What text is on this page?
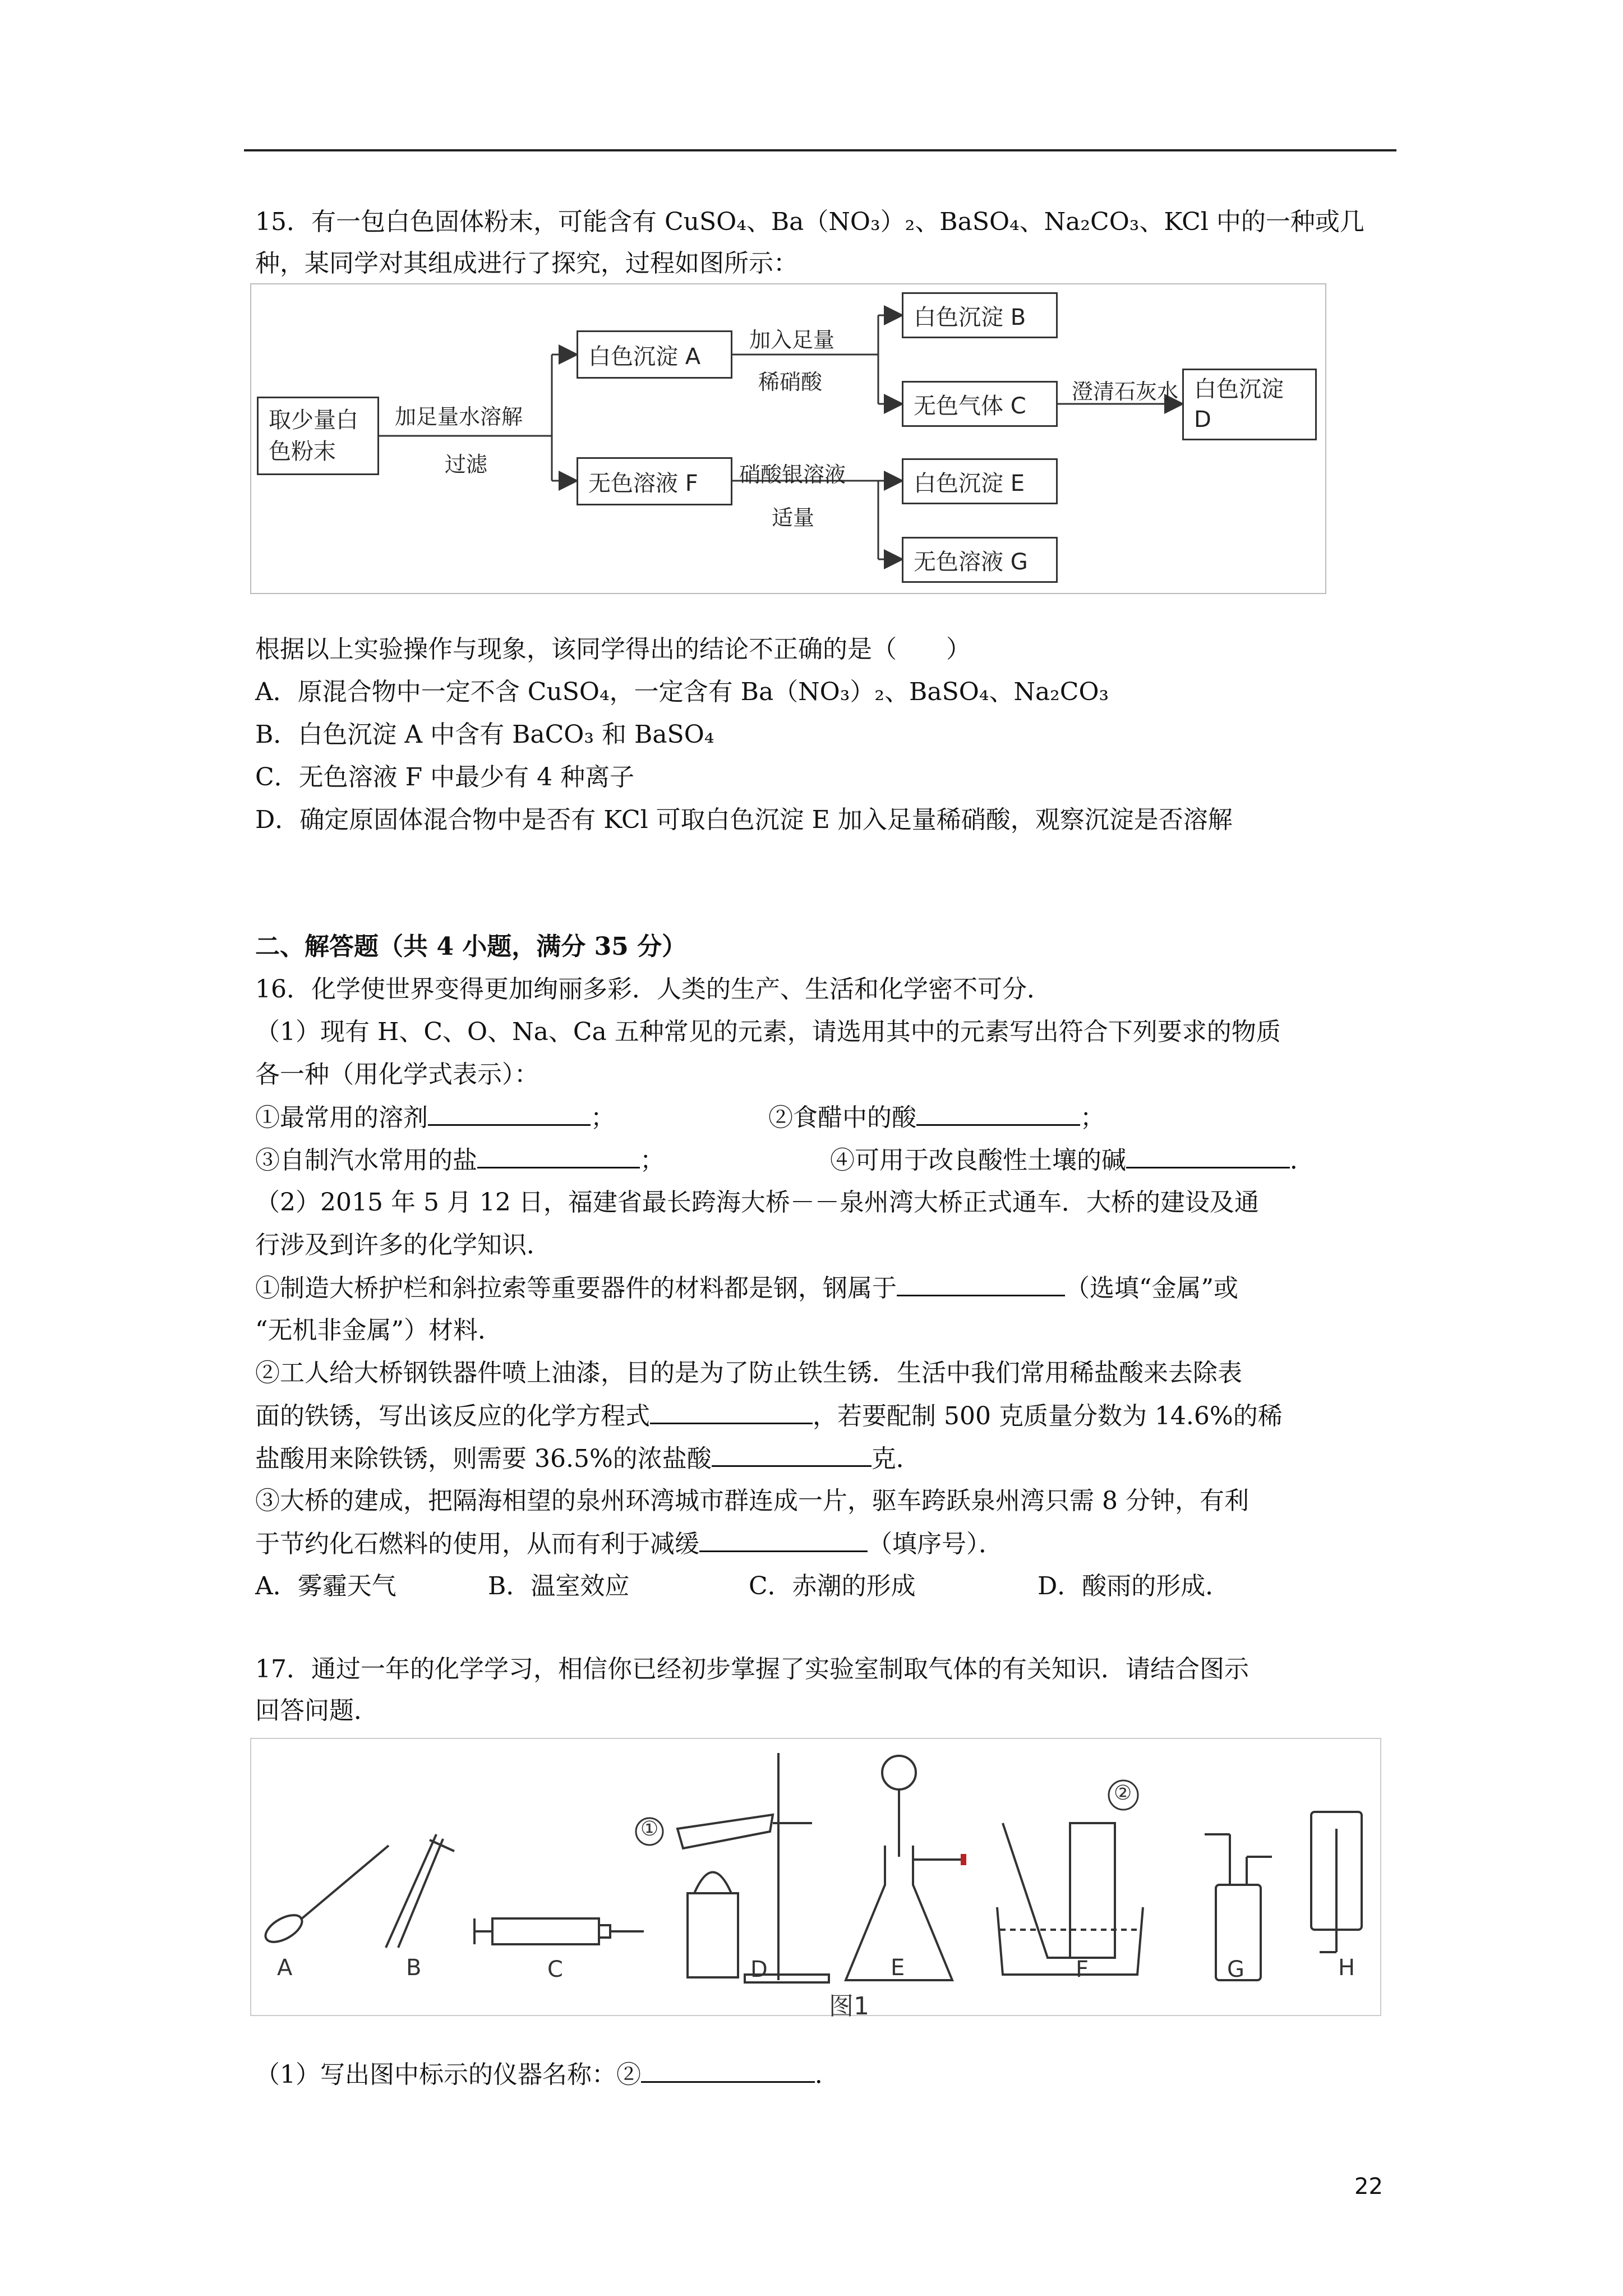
15．有一包白色固体粉末，可能含有 CuSO₄、Ba（NO₃）₂、BaSO₄、Na₂CO₃、KCl 中的一种或几
种，某同学对其组成进行了探究，过程如图所示：
取少量白
色粉末
加足量水溶解
过滤
白色沉淀 A
无色溶液 F
加入足量
稀硝酸
硝酸银溶液
适量
白色沉淀 B
无色气体 C
白色沉淀 E
无色溶液 G
澄清石灰水 白色沉淀
D
根据以上实验操作与现象，该同学得出的结论不正确的是（　　）
A．原混合物中一定不含 CuSO₄，一定含有 Ba（NO₃）₂、BaSO₄、Na₂CO₃
B．白色沉淀 A 中含有 BaCO₃ 和 BaSO₄
C．无色溶液 F 中最少有 4 种离子
D．确定原固体混合物中是否有 KCl 可取白色沉淀 E 加入足量稀硝酸，观察沉淀是否溶解
二、解答题（共 4 小题，满分 35 分）
16．化学使世界变得更加绚丽多彩．人类的生产、生活和化学密不可分．
（1）现有 H、C、O、Na、Ca 五种常见的元素，请选用其中的元素写出符合下列要求的物质
各一种（用化学式表示）：
①最常用的溶剂	；	②食醋中的酸	；
③自制汽水常用的盐	；	④可用于改良酸性土壤的碱	．
（2）2015 年 5 月 12 日，福建省最长跨海大桥－－泉州湾大桥正式通车．大桥的建设及通
行涉及到许多的化学知识．
①制造大桥护栏和斜拉索等重要器件的材料都是钢，钢属于	（选填“金属”或
“无机非金属”）材料．
②工人给大桥钢铁器件喷上油漆，目的是为了防止铁生锈．生活中我们常用稀盐酸来去除表
面的铁锈，写出该反应的化学方程式	，若要配制 500 克质量分数为 14.6%的稀
盐酸用来除铁锈，则需要 36.5%的浓盐酸	克．
③大桥的建成，把隔海相望的泉州环湾城市群连成一片，驱车跨跃泉州湾只需 8 分钟，有利
于节约化石燃料的使用，从而有利于减缓	（填序号）．
A．雾霾天气	B．温室效应	C．赤潮的形成	D．酸雨的形成．
17．通过一年的化学学习，相信你已经初步掌握了实验室制取气体的有关知识．请结合图示
回答问题．
A	B	C	D	E	F	G	H
①
②
图1
（1）写出图中标示的仪器名称：②	．
22
